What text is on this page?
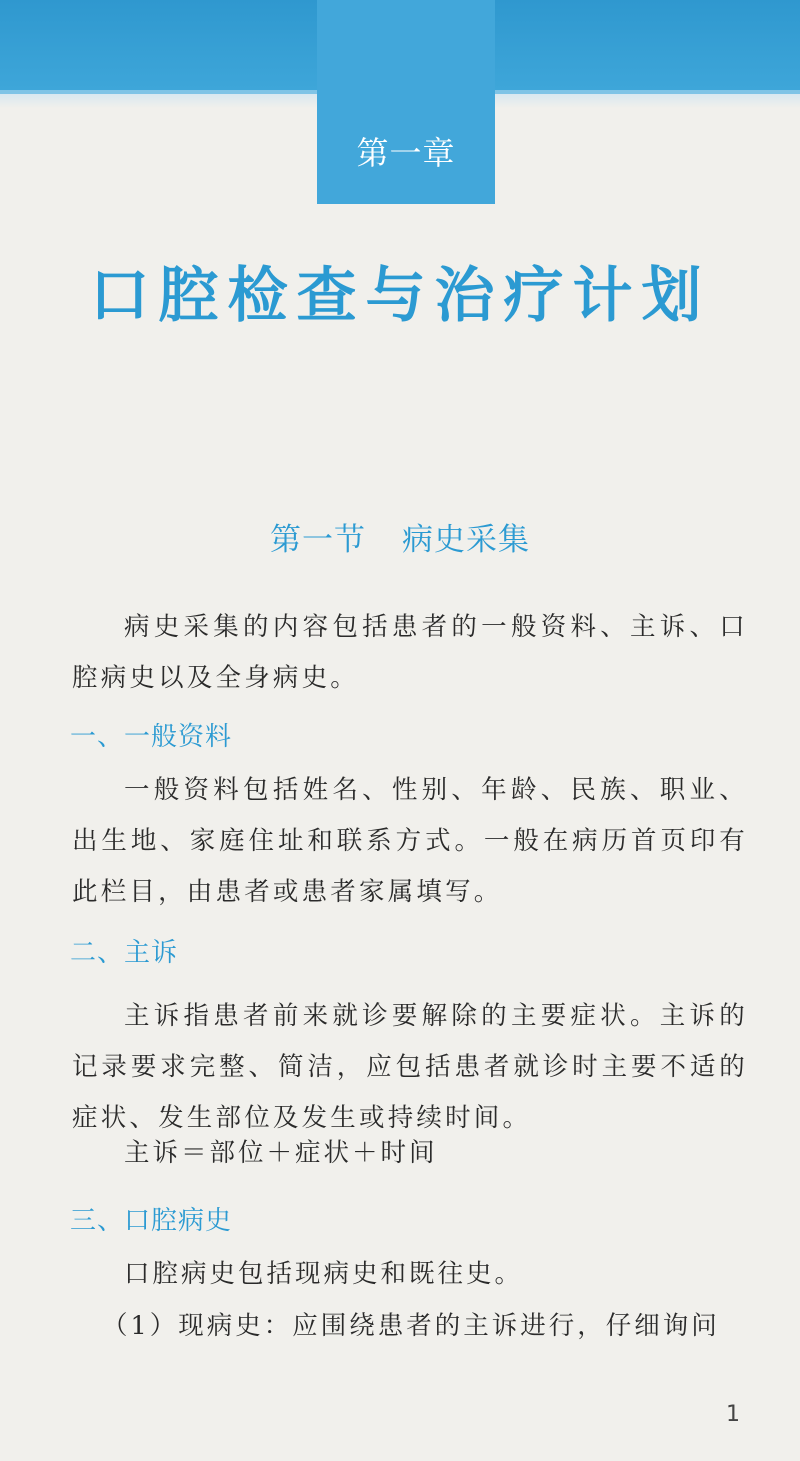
第一章
口腔检查与治疗计划
第一节 病史采集
病史采集的内容包括患者的一般资料、主诉、口腔病史以及全身病史。
一、一般资料
一般资料包括姓名、性别、年龄、民族、职业、出生地、家庭住址和联系方式。一般在病历首页印有此栏目，由患者或患者家属填写。
二、主诉
主诉指患者前来就诊要解除的主要症状。主诉的记录要求完整、简洁，应包括患者就诊时主要不适的症状、发生部位及发生或持续时间。
主诉＝部位＋症状＋时间
三、口腔病史
口腔病史包括现病史和既往史。
（1）现病史：应围绕患者的主诉进行，仔细询问
1
